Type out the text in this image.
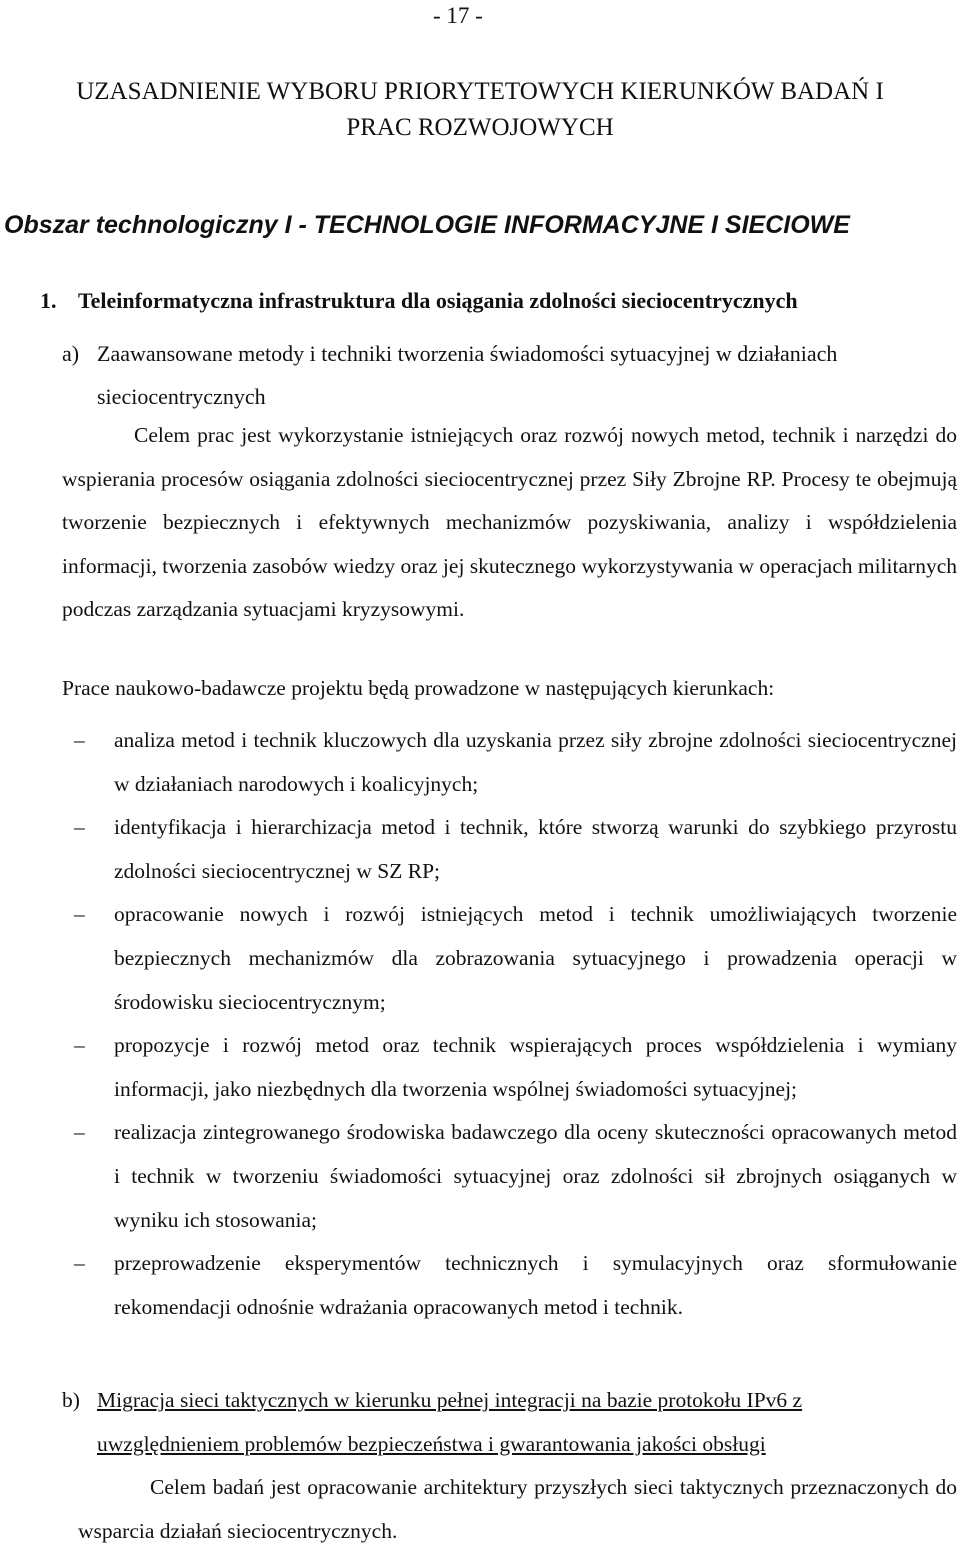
- 17 -
UZASADNIENIE WYBORU PRIORYTETOWYCH KIERUNKÓW BADAŃ I PRAC ROZWOJOWYCH
Obszar technologiczny I - TECHNOLOGIE INFORMACYJNE I SIECIOWE
1. Teleinformatyczna infrastruktura dla osiągania zdolności sieciocentrycznych
a) Zaawansowane metody i techniki tworzenia świadomości sytuacyjnej w działaniach sieciocentrycznych
Celem prac jest wykorzystanie istniejących oraz rozwój nowych metod, technik i narzędzi do wspierania procesów osiągania zdolności sieciocentrycznej przez Siły Zbrojne RP. Procesy te obejmują tworzenie bezpiecznych i efektywnych mechanizmów pozyskiwania, analizy i współdzielenia informacji, tworzenia zasobów wiedzy oraz jej skutecznego wykorzystywania w operacjach militarnych podczas zarządzania sytuacjami kryzysowymi.
Prace naukowo-badawcze projektu będą prowadzone w następujących kierunkach:
– analiza metod i technik kluczowych dla uzyskania przez siły zbrojne zdolności sieciocentrycznej w działaniach narodowych i koalicyjnych;
– identyfikacja i hierarchizacja metod i technik, które stworzą warunki do szybkiego przyrostu zdolności sieciocentrycznej w SZ RP;
– opracowanie nowych i rozwój istniejących metod i technik umożliwiających tworzenie bezpiecznych mechanizmów dla zobrazowania sytuacyjnego i prowadzenia operacji w środowisku sieciocentrycznym;
– propozycje i rozwój metod oraz technik wspierających proces współdzielenia i wymiany informacji, jako niezbędnych dla tworzenia wspólnej świadomości sytuacyjnej;
– realizacja zintegrowanego środowiska badawczego dla oceny skuteczności opracowanych metod i technik w tworzeniu świadomości sytuacyjnej oraz zdolności sił zbrojnych osiąganych w wyniku ich stosowania;
– przeprowadzenie eksperymentów technicznych i symulacyjnych oraz sformułowanie rekomendacji odnośnie wdrażania opracowanych metod i technik.
b) Migracja sieci taktycznych w kierunku pełnej integracji na bazie protokołu IPv6 z uwzględnieniem problemów bezpieczeństwa i gwarantowania jakości obsługi
Celem badań jest opracowanie architektury przyszłych sieci taktycznych przeznaczonych do wsparcia działań sieciocentrycznych.
